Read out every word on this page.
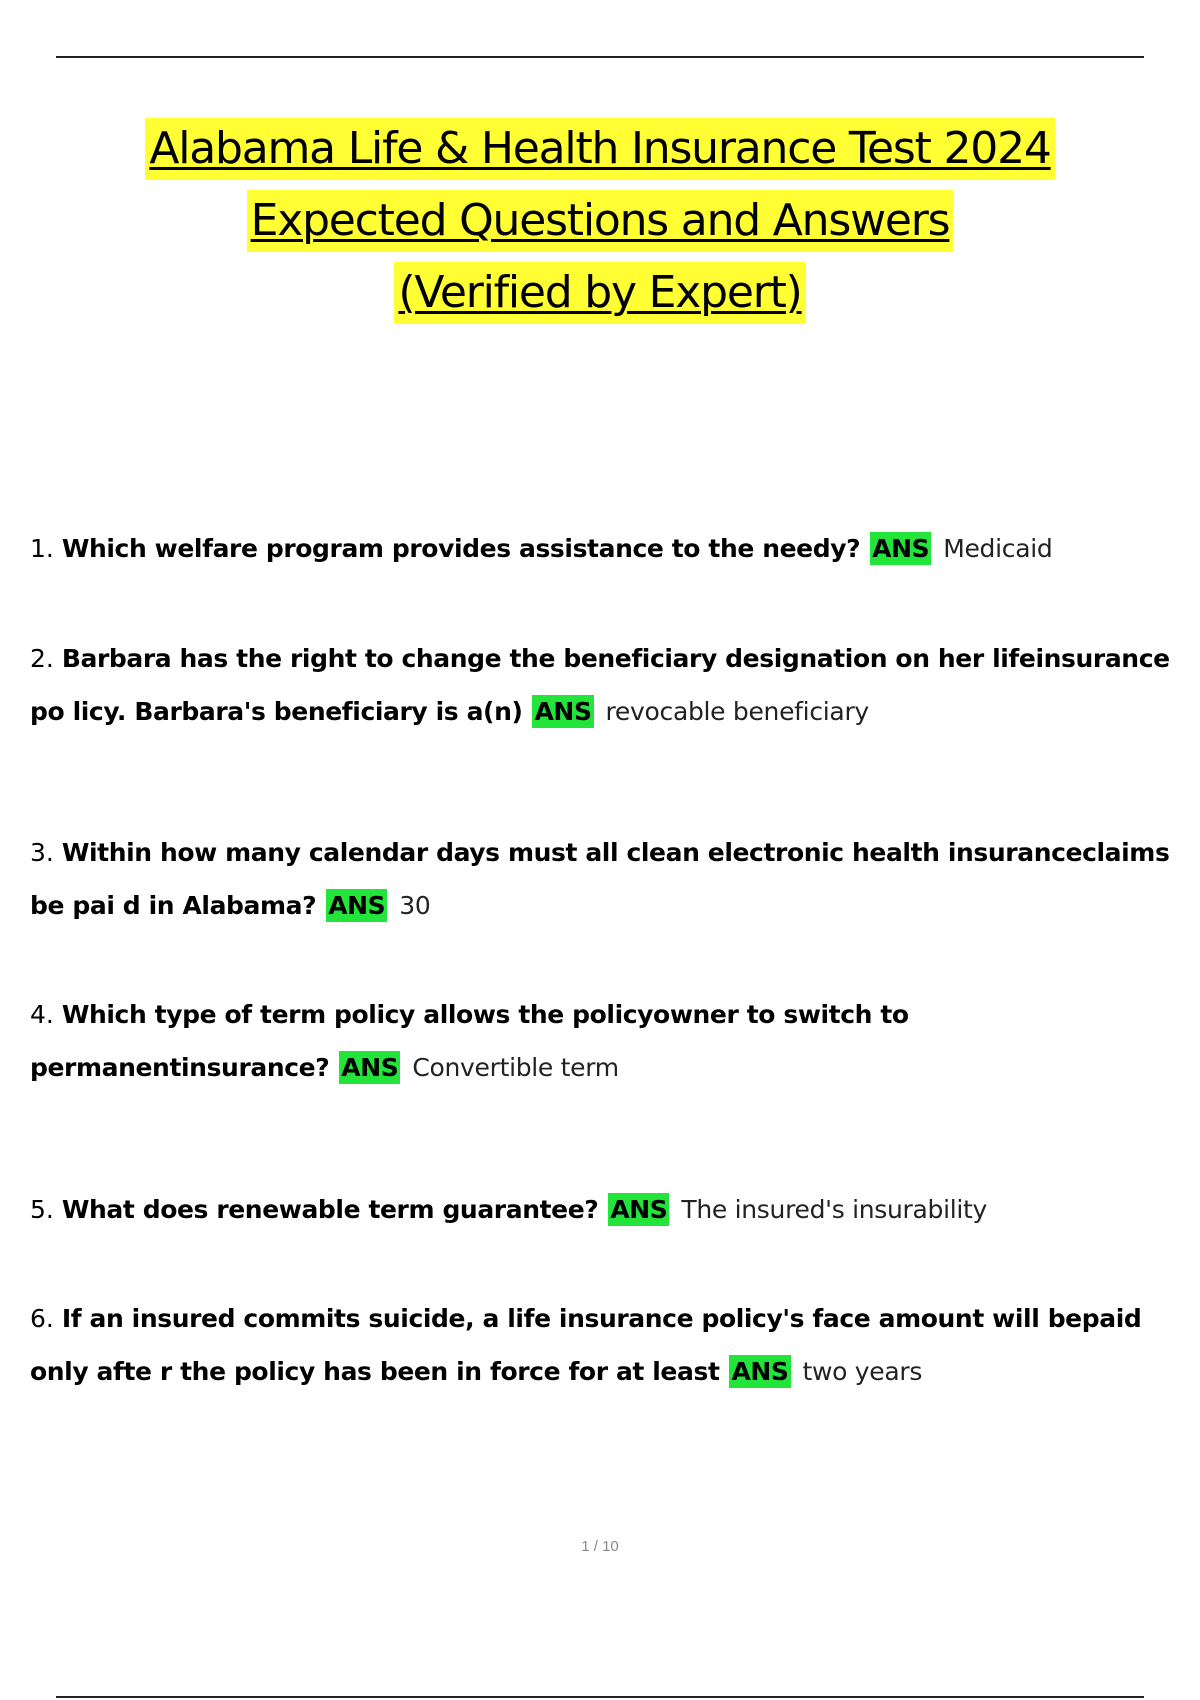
Alabama Life & Health Insurance Test 2024
Expected Questions and Answers
(Verified by Expert)
1. Which welfare program provides assistance to the needy? ANS Medicaid
2. Barbara has the right to change the beneficiary designation on her lifeinsurance po licy. Barbara's beneficiary is a(n) ANS revocable beneficiary
3. Within how many calendar days must all clean electronic health insuranceclaims be pai d in Alabama? ANS 30
4. Which type of term policy allows the policyowner to switch to permanentinsurance? ANS Convertible term
5. What does renewable term guarantee? ANS The insured's insurability
6. If an insured commits suicide, a life insurance policy's face amount will bepaid only afte r the policy has been in force for at least ANS two years
1 / 10
